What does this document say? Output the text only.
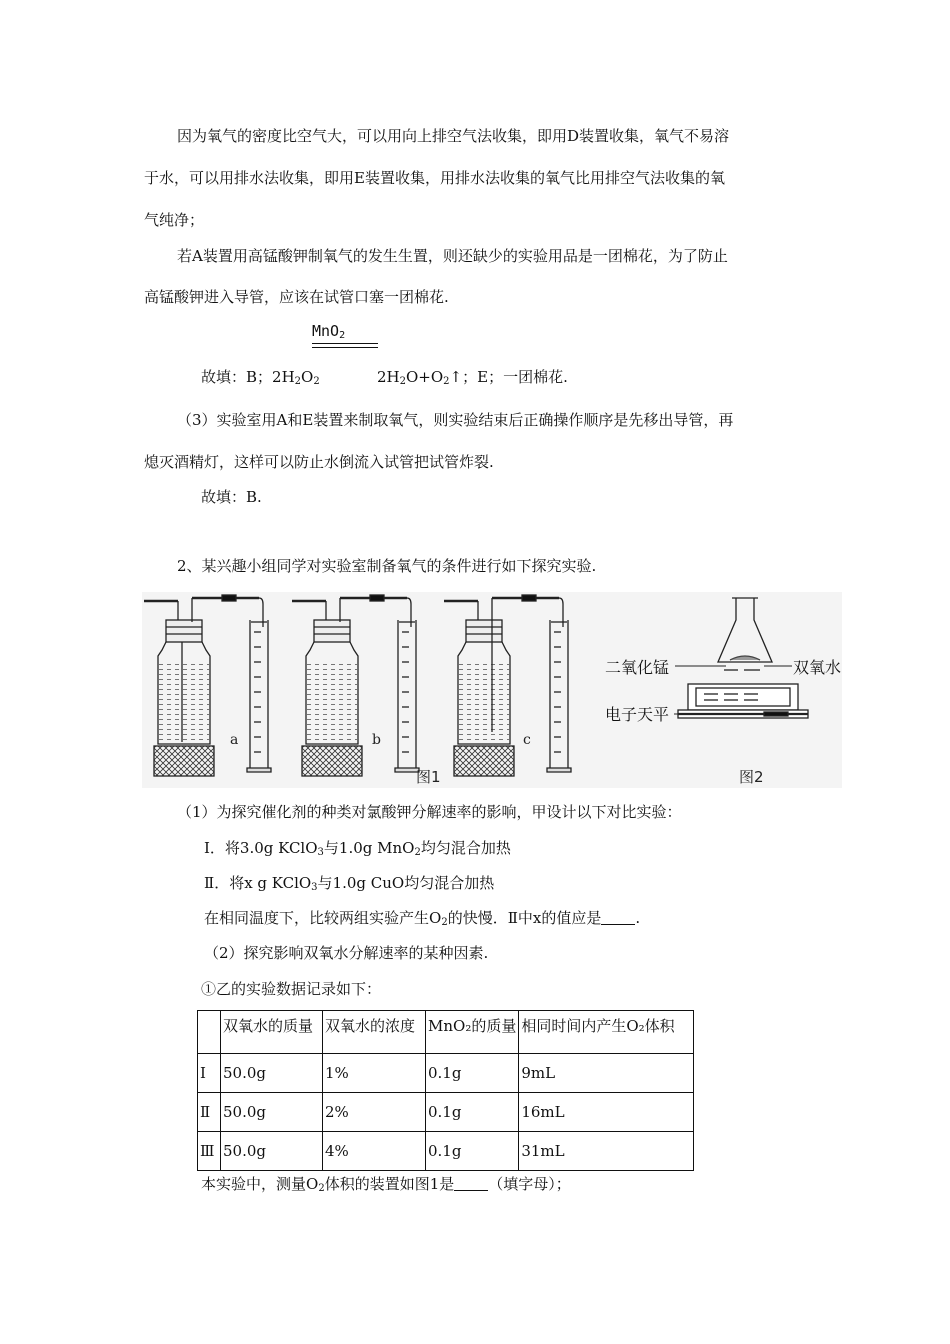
因为氧气的密度比空气大，可以用向上排空气法收集，即用D装置收集，氧气不易溶
于水，可以用排水法收集，即用E装置收集，用排水法收集的氧气比用排空气法收集的氧
气纯净；
若A装置用高锰酸钾制氧气的发生生置，则还缺少的实验用品是一团棉花，为了防止
高锰酸钾进入导管，应该在试管口塞一团棉花.
MnO$_2$
故填：B；$2H_2O_2$	$2H_2O+O_2↑$；E；一团棉花.
（3）实验室用A和E装置来制取氧气，则实验结束后正确操作顺序是先移出导管，再
熄灭酒精灯，这样可以防止水倒流入试管把试管炸裂.
故填：B.
2、某兴趣小组同学对实验室制备氧气的条件进行如下探究实验.
a	b	c
图1	图2
二氧化锰	双氧水
电子天平
（1）为探究催化剂的种类对氯酸钾分解速率的影响，甲设计以下对比实验：
Ⅰ．将3.0g KClO$_3$与1.0g MnO$_2$均匀混合加热
Ⅱ．将x g KClO$_3$与1.0g CuO均匀混合加热
在相同温度下，比较两组实验产生$O_2$的快慢．Ⅱ中x的值应是 .
（2）探究影响双氧水分解速率的某种因素.
①乙的实验数据记录如下：
	双氧水的质量	双氧水的浓度	MnO₂的质量	相同时间内产生O₂体积
Ⅰ	50.0g	1%	0.1g	9mL
Ⅱ	50.0g	2%	0.1g	16mL
Ⅲ	50.0g	4%	0.1g	31mL
本实验中，测量$O_2$体积的装置如图1是 （填字母）；
